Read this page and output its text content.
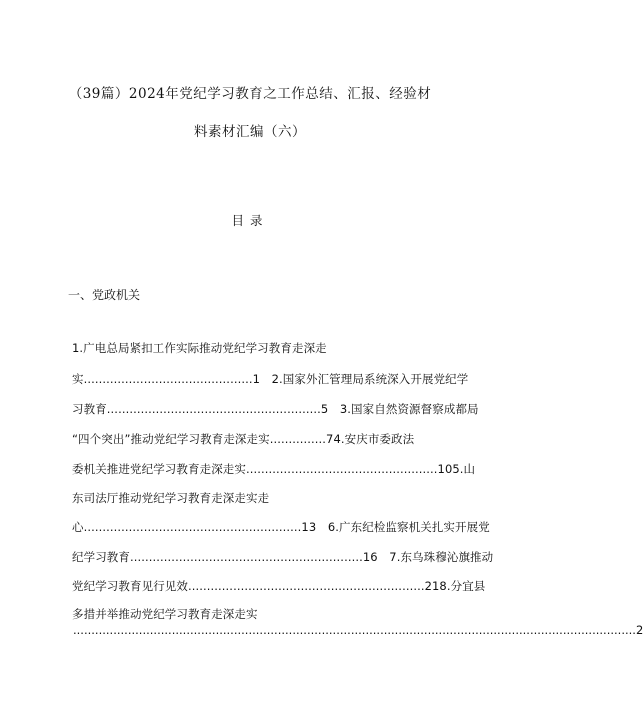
（39篇）2024年党纪学习教育之工作总结、汇报、经验材
料素材汇编（六）
目录
一、党政机关
1.广电总局紧扣工作实际推动党纪学习教育走深走
实.............................................1　2.国家外汇管理局系统深入开展党纪学
习教育.........................................................5　3.国家自然资源督察成都局
“四个突出”推动党纪学习教育走深走实...............74.安庆市委政法
委机关推进党纪学习教育走深走实...................................................105.山
东司法厅推动党纪学习教育走深走实走
心..........................................................13　6.广东纪检监察机关扎实开展党
纪学习教育..............................................................16　7.东乌珠穆沁旗推动
党纪学习教育见行见效...............................................................218.分宜县
多措并举推动党纪学习教育走深走实
.......................................................................................................................................................... 2
